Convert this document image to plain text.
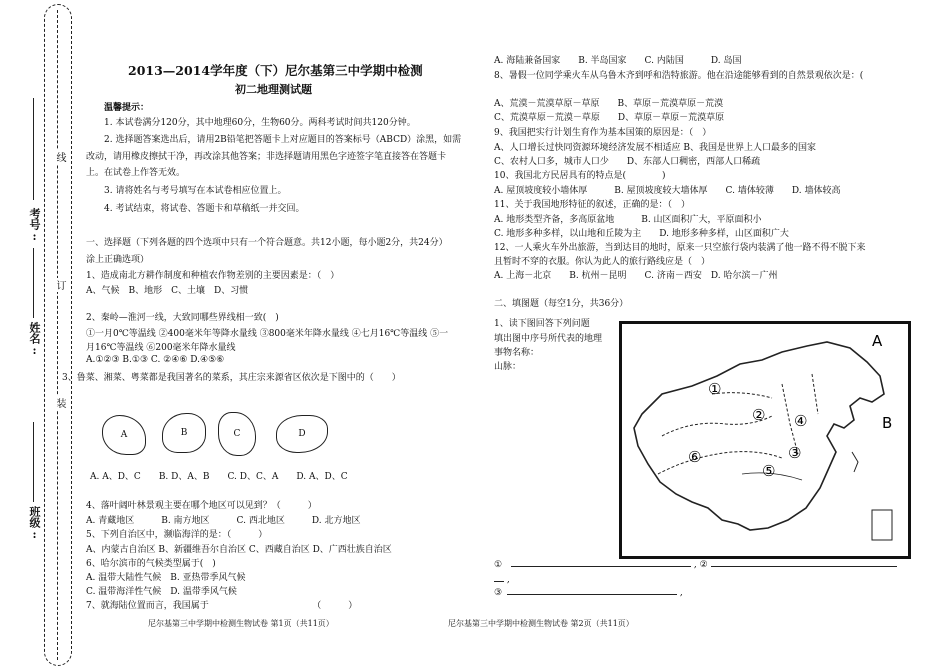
考号:
姓名:
班级:
线
订
装
2013—2014学年度（下）尼尔基第三中学期中检测
初二地理测试题
温馨提示：
1. 本试卷满分120分，其中地理60分，生物60分。两科考试时间共120分钟。
2. 选择题答案选出后，请用2B铅笔把答题卡上对应题目的答案标号（ABCD）涂黑，如需
改动，请用橡皮擦拭干净，再改涂其他答案；非选择题请用黑色字迹签字笔直接答在答题卡
上。在试卷上作答无效。
3. 请将姓名与考号填写在本试卷相应位置上。
4. 考试结束，将试卷、答题卡和草稿纸一并交回。
一、选择题（下列各题的四个选项中只有一个符合题意。共12小题，每小题2分，共24分）
涂上正确选项）
1、造成南北方耕作制度和种植农作物差别的主要因素是：（　）
A、气候　B、地形　C、土壤　D、习惯
2、秦岭—淮河一线，大致同哪些界线相一致(　)
①一月0℃等温线 ②400毫米年等降水量线 ③800毫米年降水量线 ④七月16℃等温线 ⑤一
月16℃等温线 ⑥200毫米年降水量线
A.①②③ B.①③ C. ②④⑥ D.④⑤⑥
3、鲁菜、湘菜、粤菜都是我国著名的菜系，其庄宗来源省区依次是下图中的（　　）
A	B	C	D
A. A、D、C　　B. D、A、B　　C. D、C、A　　D. A、D、C
4、落叶阔叶林景观主要在哪个地区可以见到？（　　　）
A. 青藏地区　　　B. 南方地区　　　C. 西北地区　　　D. 北方地区
5、下列自治区中，濒临海洋的是：（　　　）
A、内蒙古自治区 B、新疆维吾尔自治区 C、西藏自治区 D、广西壮族自治区
6、哈尔滨市的气候类型属于(　)
A. 温带大陆性气候　B. 亚热带季风气候
C. 温带海洋性气候　D. 温带季风气候
7、就海陆位置而言，我国属于　　　　　　　　　　　　（　　　）
A. 海陆兼备国家　　B. 半岛国家　　C. 内陆国　　　D. 岛国
8、暑假一位同学乘火车从乌鲁木齐到呼和浩特旅游。他在沿途能够看到的自然景观依次是：(
A、荒漠－荒漠草原－草原　　B、草原－荒漠草原－荒漠
C、荒漠草原－荒漠－草原　　D、草原－草原－荒漠草原
9、我国把实行计划生育作为基本国策的原因是：（　）
A、人口增长过快同资源环境经济发展不相适应 B、我国是世界上人口最多的国家
C、农村人口多，城市人口少　　D、东部人口稠密，西部人口稀疏
10、我国北方民居具有的特点是(　　　　)
A. 屋顶坡度较小墙体厚　　　B. 屋顶坡度较大墙体厚　　C. 墙体较薄　　D. 墙体较高
11、关于我国地形特征的叙述，正确的是：（　）
A. 地形类型齐备，多高原盆地　　　B. 山区面积广大，平原面积小
C. 地形多种多样，以山地和丘陵为主　　D. 地形多种多样，山区面积广大
12、一人乘火车外出旅游，当到达目的地时，原来一只空旅行袋内装满了他一路不得不脱下来
且暂时不穿的衣服。你认为此人的旅行路线应是（　）
A. 上海－北京　　B. 杭州－昆明　　C. 济南－西安　D. 哈尔滨－广州
二、填图题（每空1分，共36分）
1、读下图回答下列问题
填出图中序号所代表的地理
事物名称：
山脉：
A
B
①
②
③
④
⑤
⑥
①	, ②
,
③	,
尼尔基第三中学期中检测生物试卷 第1页（共11页）	尼尔基第三中学期中检测生物试卷 第2页（共11页）
